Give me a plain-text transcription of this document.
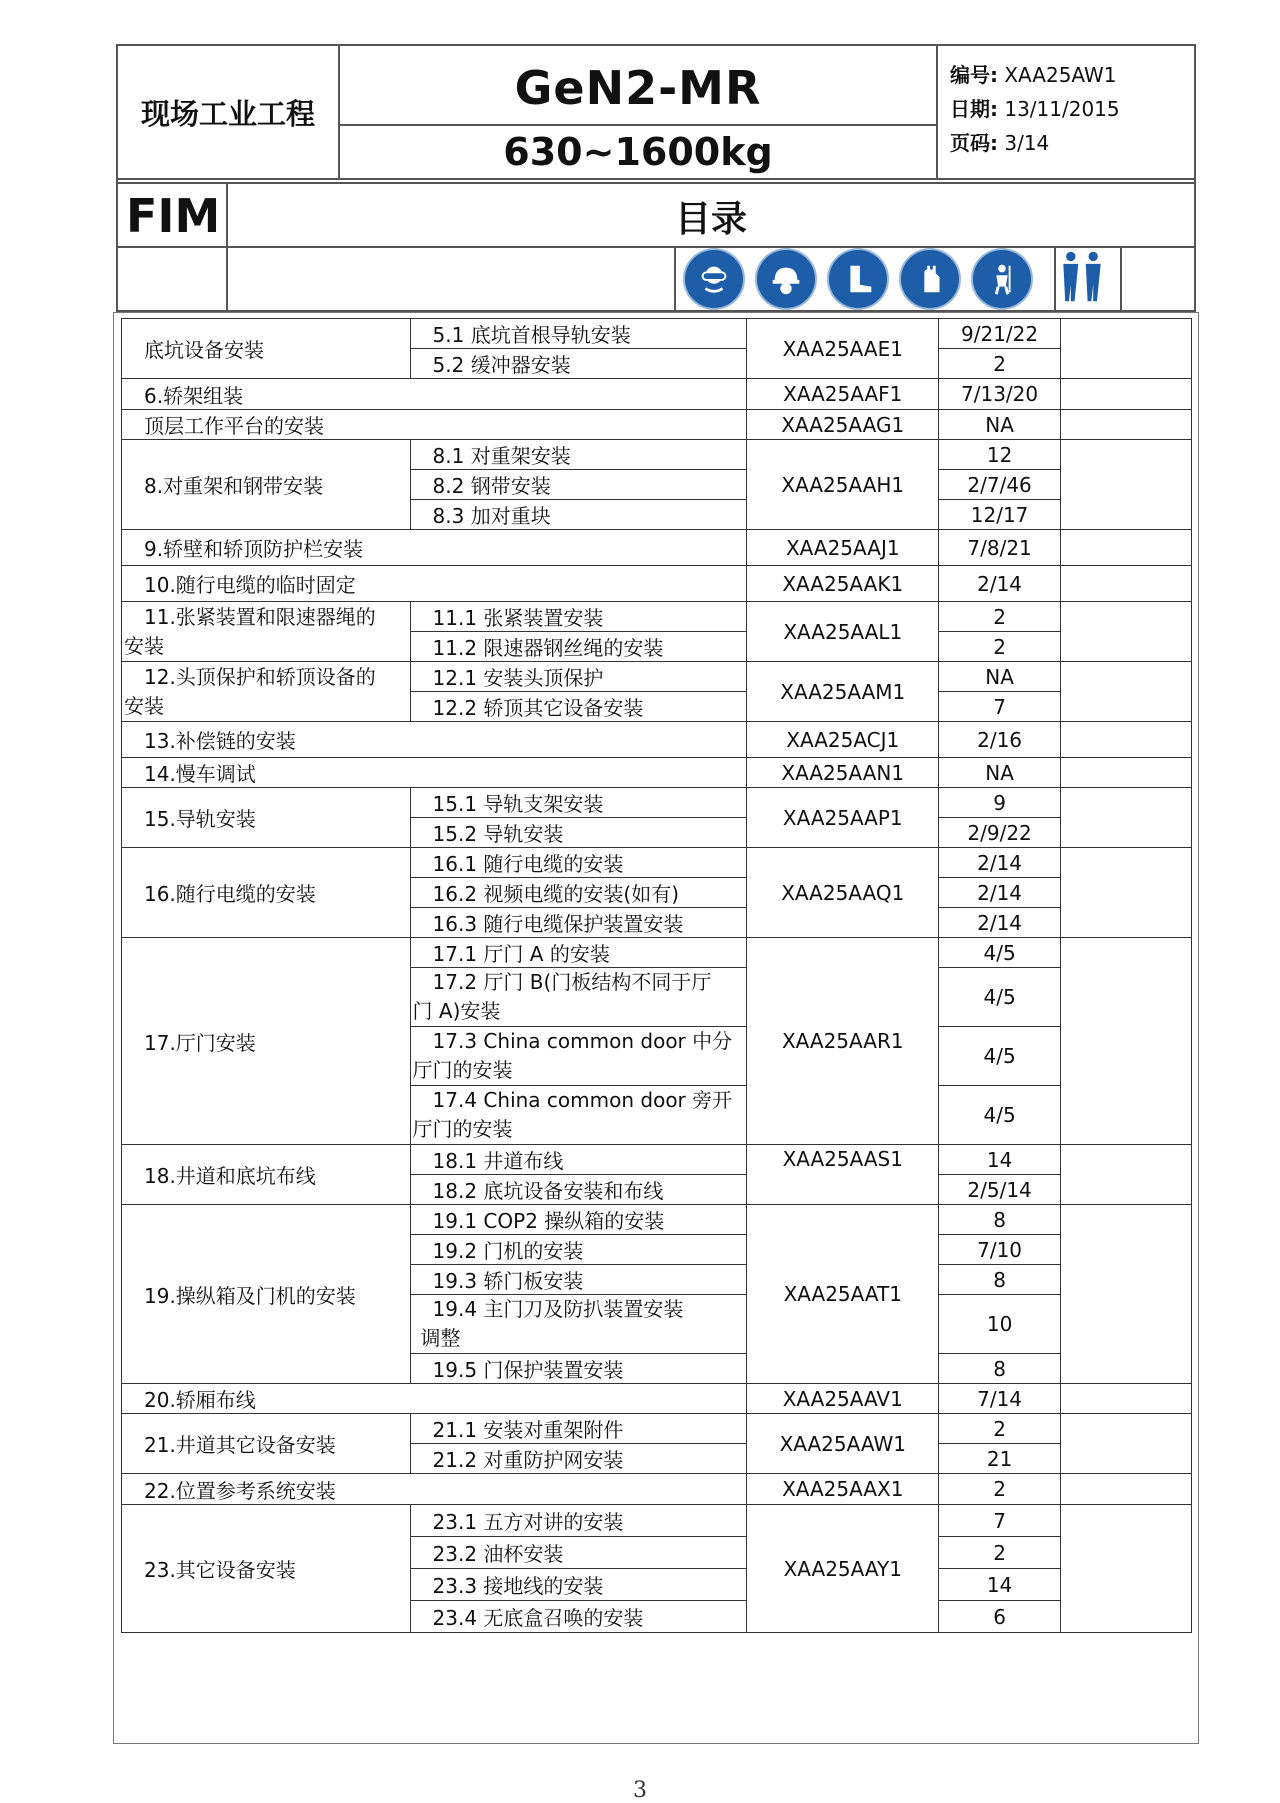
现场工业工程	GeN2-MR
630~1600kg
编号: XAA25AW1
日期: 13/11/2015
页码: 3/14
FIM	目录
底坑设备安装	5.1 底坑首根导轨安装	XAA25AAE1	9/21/22	
	5.2 缓冲器安装		2	
6.轿架组装		XAA25AAF1	7/13/20	
顶层工作平台的安装		XAA25AAG1	NA	
8.对重架和钢带安装	8.1 对重架安装	XAA25AAH1	12	
	8.2 钢带安装		2/7/46	
	8.3 加对重块		12/17	
9.轿壁和轿顶防护栏安装		XAA25AAJ1	7/8/21	
10.随行电缆的临时固定		XAA25AAK1	2/14	

11.张紧装置和限速器绳的
安装	11.1 张紧装置安装	XAA25AAL1	2	
	11.2 限速器钢丝绳的安装		2	

12.头顶保护和轿顶设备的
安装	12.1 安装头顶保护	XAA25AAM1	NA	
	12.2 轿顶其它设备安装		7	
13.补偿链的安装		XAA25ACJ1	2/16	
14.慢车调试		XAA25AAN1	NA	
15.导轨安装	15.1 导轨支架安装	XAA25AAP1	9	
	15.2 导轨安装		2/9/22	
16.随行电缆的安装	16.1 随行电缆的安装	XAA25AAQ1	2/14	
	16.2 视频电缆的安装(如有)		2/14	
	16.3 随行电缆保护装置安装		2/14	
17.厅门安装	17.1 厅门 A 的安装	XAA25AAR1	4/5	

	17.2 厅门 B(门板结构不同于厅
门 A)安装		4/5	

	17.3 China common door 中分
厅门的安装		4/5	

	17.4 China common door 旁开
厅门的安装		4/5	
18.井道和底坑布线	18.1 井道布线	XAA25AAS1	14	
	18.2 底坑设备安装和布线		2/5/14	
19.操纵箱及门机的安装	19.1 COP2 操纵箱的安装	XAA25AAT1	8	
	19.2 门机的安装		7/10	
	19.3 轿门板安装		8	

	19.4 主门刀及防扒装置安装
调整		10	
	19.5 门保护装置安装		8	
20.轿厢布线		XAA25AAV1	7/14	
21.井道其它设备安装	21.1 安装对重架附件	XAA25AAW1	2	
	21.2 对重防护网安装		21	
22.位置参考系统安装		XAA25AAX1	2	
23.其它设备安装	23.1 五方对讲的安装	XAA25AAY1	7	
	23.2 油杯安装		2	
	23.3 接地线的安装		14	
	23.4 无底盒召唤的安装		6	
3
